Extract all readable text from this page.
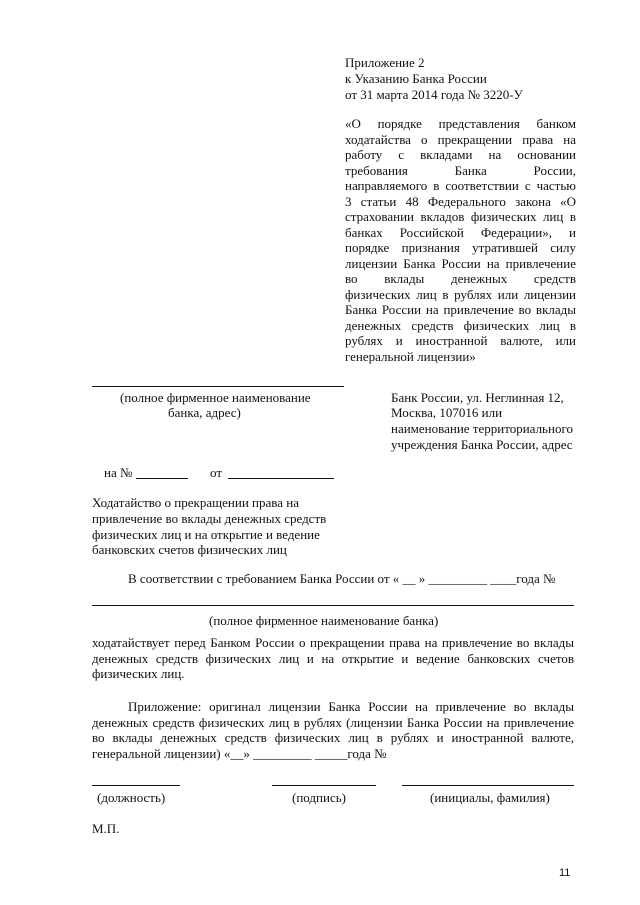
Приложение 2
к Указанию Банка России
от 31 марта 2014 года № 3220-У
«О порядке представления банком
ходатайства о прекращении права на
работу с вкладами на основании
требования Банка России,
направляемого в соответствии с частью
3 статьи 48 Федерального закона «О
страховании вкладов физических лиц в
банках Российской Федерации», и
порядке признания утратившей силу
лицензии Банка России на привлечение
во вклады денежных средств
физических лиц в рублях или лицензии
Банка России на привлечение во вклады
денежных средств физических лиц в
рублях и иностранной валюте, или
генеральной лицензии»
(полное фирменное наименование
банка, адрес)
Банк России, ул. Неглинная 12,
Москва, 107016 или
наименование территориального
учреждения Банка России, адрес
на №	от
Ходатайство о прекращении права на
привлечение во вклады денежных средств
физических лиц и на открытие и ведение
банковских счетов физических лиц
В соответствии с требованием Банка России от « __ » _________ ____года №
(полное фирменное наименование банка)
ходатайствует перед Банком России о прекращении права на привлечение во вклады
денежных средств физических лиц и на открытие и ведение банковских счетов
физических лиц.
Приложение: оригинал лицензии Банка России на привлечение во вклады
денежных средств физических лиц в рублях (лицензии Банка России на привлечение
во вклады денежных средств физических лиц в рублях и иностранной валюте,
генеральной лицензии) «__» _________ _____года №
(должность)	(подпись)	(инициалы, фамилия)
М.П.
11
